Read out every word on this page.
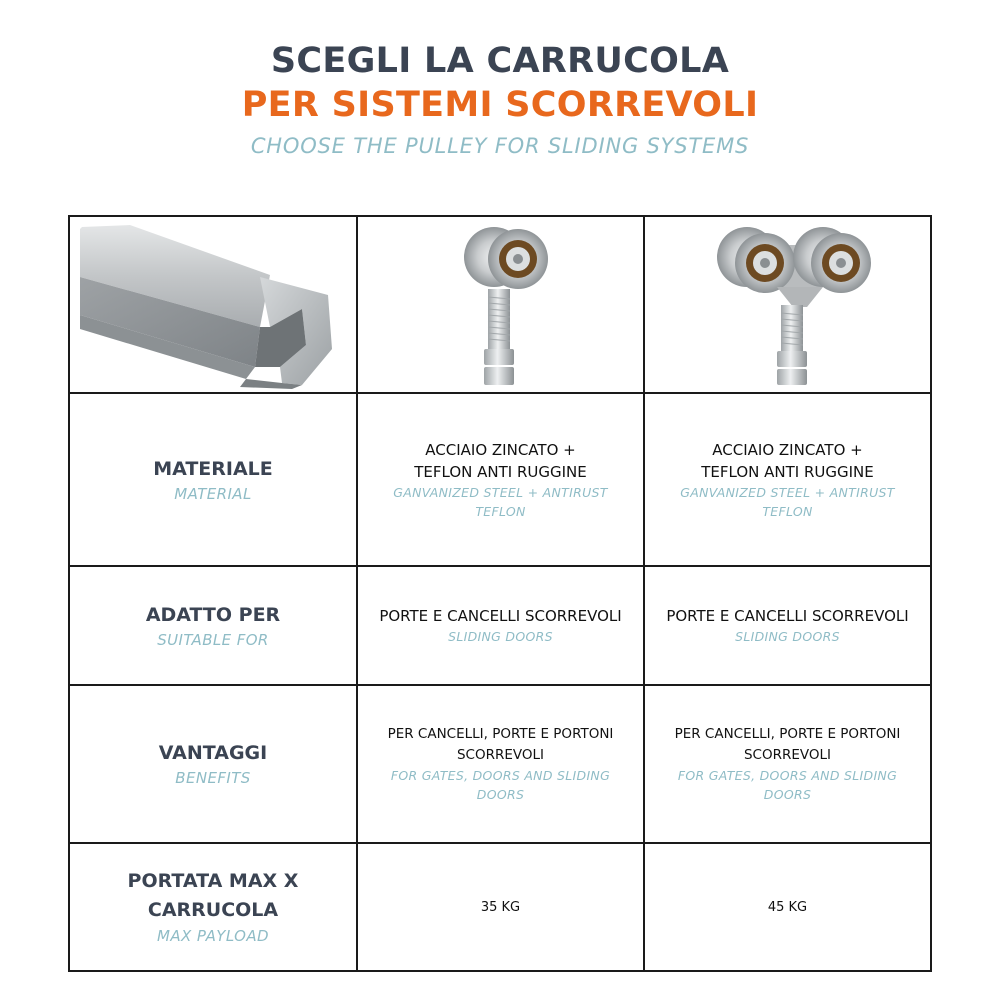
SCEGLI LA CARRUCOLA
PER SISTEMI SCORREVOLI
CHOOSE THE PULLEY FOR SLIDING SYSTEMS
MATERIALE
MATERIAL
ACCIAIO ZINCATO + TEFLON ANTI RUGGINE
GANVANIZED STEEL + ANTIRUST TEFLON
ACCIAIO ZINCATO + TEFLON ANTI RUGGINE
GANVANIZED STEEL + ANTIRUST TEFLON
ADATTO PER
SUITABLE FOR
PORTE E CANCELLI SCORREVOLI
SLIDING DOORS
PORTE E CANCELLI SCORREVOLI
SLIDING DOORS
VANTAGGI
BENEFITS
PER CANCELLI, PORTE E PORTONI SCORREVOLI
FOR GATES, DOORS AND SLIDING DOORS
PER CANCELLI, PORTE E PORTONI SCORREVOLI
FOR GATES, DOORS AND SLIDING DOORS
PORTATA MAX X CARRUCOLA
MAX PAYLOAD
35 KG	45 KG
